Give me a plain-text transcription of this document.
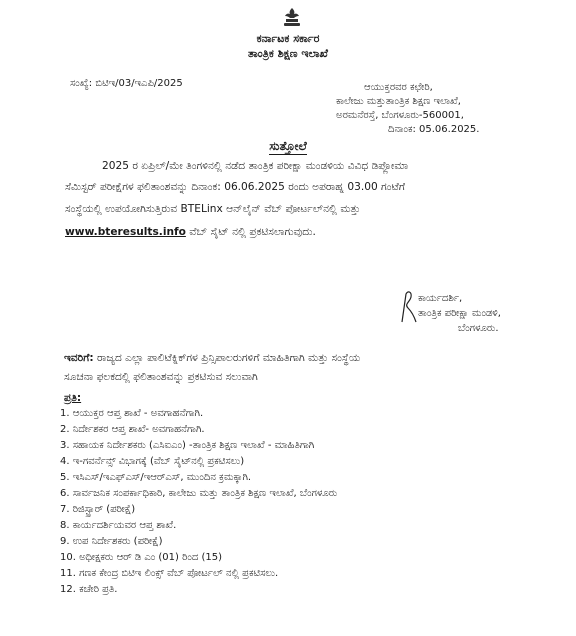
ಕರ್ನಾಟಕ ಸರ್ಕಾರ
ತಾಂತ್ರಿಕ ಶಿಕ್ಷಣ ಇಲಾಖೆ
ಸಂಖ್ಯೆ: ಬಿಟಿಇ/03/ಇಎಪಿ/2025	ಆಯುಕ್ತರವರ ಕಛೇರಿ,
ಕಾಲೇಜು ಮತ್ತುತಾಂತ್ರಿಕ ಶಿಕ್ಷಣ ಇಲಾಖೆ,
ಅರಮನೆರಸ್ತೆ, ಬೆಂಗಳೂರು-560001,
ದಿನಾಂಕ: 05.06.2025.
ಸುತ್ತೋಲೆ
2025 ರ ಏಪ್ರಿಲ್/ಮೇ ತಿಂಗಳಿನಲ್ಲಿ ನಡೆದ ತಾಂತ್ರಿಕ ಪರೀಕ್ಷಾ ಮಂಡಳಿಯ ವಿವಿಧ ಡಿಪ್ಲೋಮಾ
ಸೆಮಿಸ್ಟರ್ ಪರೀಕ್ಷೆಗಳ ಫಲಿತಾಂಶವನ್ನು ದಿನಾಂಕ: 06.06.2025 ರಂದು ಅಪರಾಹ್ನ 03.00 ಗಂಟೆಗೆ
ಸಂಸ್ಥೆಯಲ್ಲಿ ಉಪಯೋಗಿಸುತ್ತಿರುವ BTELinx ಆನ್‌ಲೈನ್ ವೆಬ್ ಪೋರ್ಟಲ್‌ನಲ್ಲಿ ಮತ್ತು
www.bteresults.info ವೆಬ್ ಸೈಟ್ ನಲ್ಲಿ ಪ್ರಕಟಿಸಲಾಗುವುದು.
ಕಾರ್ಯದರ್ಶಿ,
ತಾಂತ್ರಿಕ ಪರೀಕ್ಷಾ ಮಂಡಳಿ,
ಬೆಂಗಳೂರು.
ಇವರಿಗೆ: ರಾಜ್ಯದ ಎಲ್ಲಾ ಪಾಲಿಟೆಕ್ನಿಕ್‌ಗಳ ಪ್ರಿನ್ಸಿಪಾಲರುಗಳಿಗೆ ಮಾಹಿತಿಗಾಗಿ ಮತ್ತು ಸಂಸ್ಥೆಯ
ಸೂಚನಾ ಫಲಕದಲ್ಲಿ ಫಲಿತಾಂಶವನ್ನು ಪ್ರಕಟಿಸುವ ಸಲುವಾಗಿ
ಪ್ರತಿ:
1. ಆಯುಕ್ತರ ಆಪ್ತ ಶಾಖೆ - ಅವಗಾಹನೆಗಾಗಿ.
2. ನಿರ್ದೇಶಕರ ಆಪ್ತ ಶಾಖೆ- ಅವಗಾಹನೆಗಾಗಿ.
3. ಸಹಾಯಕ ನಿರ್ದೇಶಕರು (ಎಸಿಐಎಂ) -ತಾಂತ್ರಿಕ ಶಿಕ್ಷಣ ಇಲಾಖೆ - ಮಾಹಿತಿಗಾಗಿ
4. ಇ-ಗವರ್ನೆನ್ಸ್ ವಿಭಾಗಕ್ಕೆ (ವೆಬ್ ಸೈಟ್‌ನಲ್ಲಿ ಪ್ರಕಟಿಸಲು)
5. ಇಸಿಎಸ್/ಇಎಫ್‌ಎಸ್/ಇಆರ್‌ಎಸ್, ಮುಂದಿನ ಕ್ರಮಕ್ಕಾಗಿ.
6. ಸಾರ್ವಜನಿಕ ಸಂಪರ್ಕಾಧಿಕಾರಿ, ಕಾಲೇಜು ಮತ್ತು ತಾಂತ್ರಿಕ ಶಿಕ್ಷಣ ಇಲಾಖೆ, ಬೆಂಗಳೂರು
7. ರಿಜಿಸ್ಟ್ರಾರ್ (ಪರೀಕ್ಷೆ)
8. ಕಾರ್ಯದರ್ಶಿಯವರ ಆಪ್ತ ಶಾಖೆ.
9. ಉಪ ನಿರ್ದೇಶಕರು (ಪರೀಕ್ಷೆ)
10. ಅಧೀಕ್ಷಕರು ಆರ್ ಡಿ ಎಂ (01) ರಿಂದ (15)
11. ಗಣಕ ಕೇಂದ್ರ ಬಿಟಿಇ ಲಿಂಕ್ಸ್ ವೆಬ್ ಪೋರ್ಟಲ್ ನಲ್ಲಿ ಪ್ರಕಟಿಸಲು.
12. ಕಚೇರಿ ಪ್ರತಿ.
